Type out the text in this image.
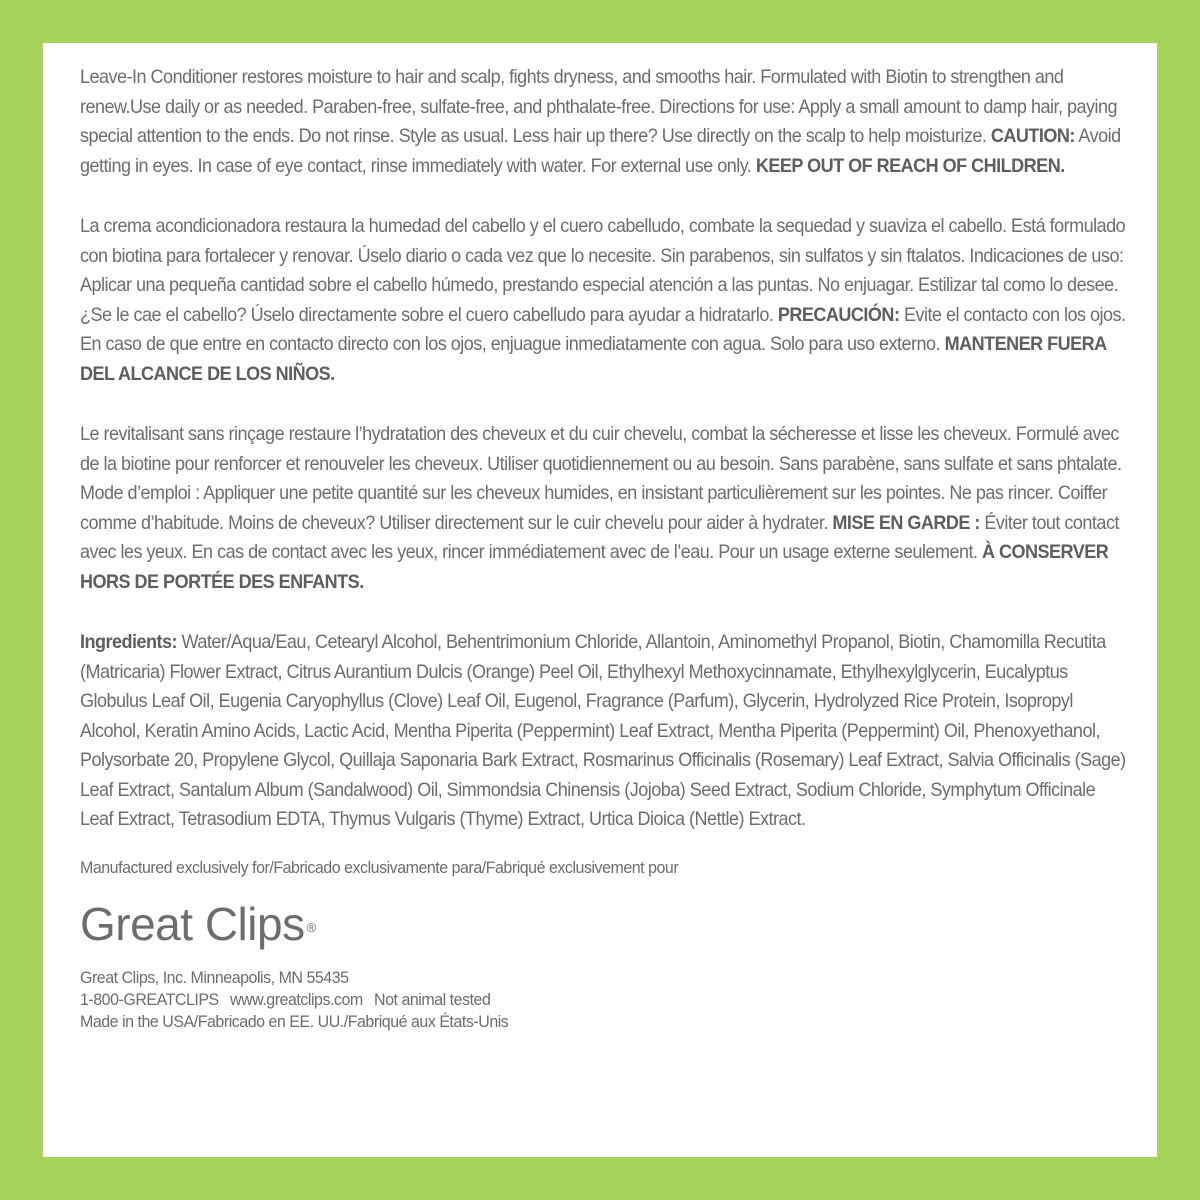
Leave-In Conditioner restores moisture to hair and scalp, fights dryness, and smooths hair. Formulated with Biotin to strengthen and renew.Use daily or as needed. Paraben-free, sulfate-free, and phthalate-free. Directions for use: Apply a small amount to damp hair, paying special attention to the ends. Do not rinse. Style as usual. Less hair up there? Use directly on the scalp to help moisturize. CAUTION: Avoid getting in eyes. In case of eye contact, rinse immediately with water. For external use only. KEEP OUT OF REACH OF CHILDREN.

La crema acondicionadora restaura la humedad del cabello y el cuero cabelludo, combate la sequedad y suaviza el cabello. Está formulado con biotina para fortalecer y renovar. Úselo diario o cada vez que lo necesite. Sin parabenos, sin sulfatos y sin ftalatos. Indicaciones de uso: Aplicar una pequeña cantidad sobre el cabello húmedo, prestando especial atención a las puntas. No enjuagar. Estilizar tal como lo desee. ¿Se le cae el cabello? Úselo directamente sobre el cuero cabelludo para ayudar a hidratarlo. PRECAUCIÓN: Evite el contacto con los ojos. En caso de que entre en contacto directo con los ojos, enjuague inmediatamente con agua. Solo para uso externo. MANTENER FUERA DEL ALCANCE DE LOS NIÑOS.

Le revitalisant sans rinçage restaure l’hydratation des cheveux et du cuir chevelu, combat la sécheresse et lisse les cheveux. Formulé avec de la biotine pour renforcer et renouveler les cheveux. Utiliser quotidiennement ou au besoin. Sans parabène, sans sulfate et sans phtalate. Mode d’emploi : Appliquer une petite quantité sur les cheveux humides, en insistant particulièrement sur les pointes. Ne pas rincer. Coiffer comme d’habitude. Moins de cheveux? Utiliser directement sur le cuir chevelu pour aider à hydrater. MISE EN GARDE : Éviter tout contact avec les yeux. En cas de contact avec les yeux, rincer immédiatement avec de l’eau. Pour un usage externe seulement. À CONSERVER HORS DE PORTÉE DES ENFANTS.

Ingredients: Water/Aqua/Eau, Cetearyl Alcohol, Behentrimonium Chloride, Allantoin, Aminomethyl Propanol, Biotin, Chamomilla Recutita (Matricaria) Flower Extract, Citrus Aurantium Dulcis (Orange) Peel Oil, Ethylhexyl Methoxycinnamate, Ethylhexylglycerin, Eucalyptus Globulus Leaf Oil, Eugenia Caryophyllus (Clove) Leaf Oil, Eugenol, Fragrance (Parfum), Glycerin, Hydrolyzed Rice Protein, Isopropyl Alcohol, Keratin Amino Acids, Lactic Acid, Mentha Piperita (Peppermint) Leaf Extract, Mentha Piperita (Peppermint) Oil, Phenoxyethanol, Polysorbate 20, Propylene Glycol, Quillaja Saponaria Bark Extract, Rosmarinus Officinalis (Rosemary) Leaf Extract, Salvia Officinalis (Sage) Leaf Extract, Santalum Album (Sandalwood) Oil, Simmondsia Chinensis (Jojoba) Seed Extract, Sodium Chloride, Symphytum Officinale Leaf Extract, Tetrasodium EDTA, Thymus Vulgaris (Thyme) Extract, Urtica Dioica (Nettle) Extract.

Manufactured exclusively for/Fabricado exclusivamente para/Fabriqué exclusivement pour

Great Clips ®
Great Clips, Inc. Minneapolis, MN 55435
1-800-GREATCLIPS www.greatclips.com Not animal tested
Made in the USA/Fabricado en EE. UU./Fabriqué aux États-Unis
